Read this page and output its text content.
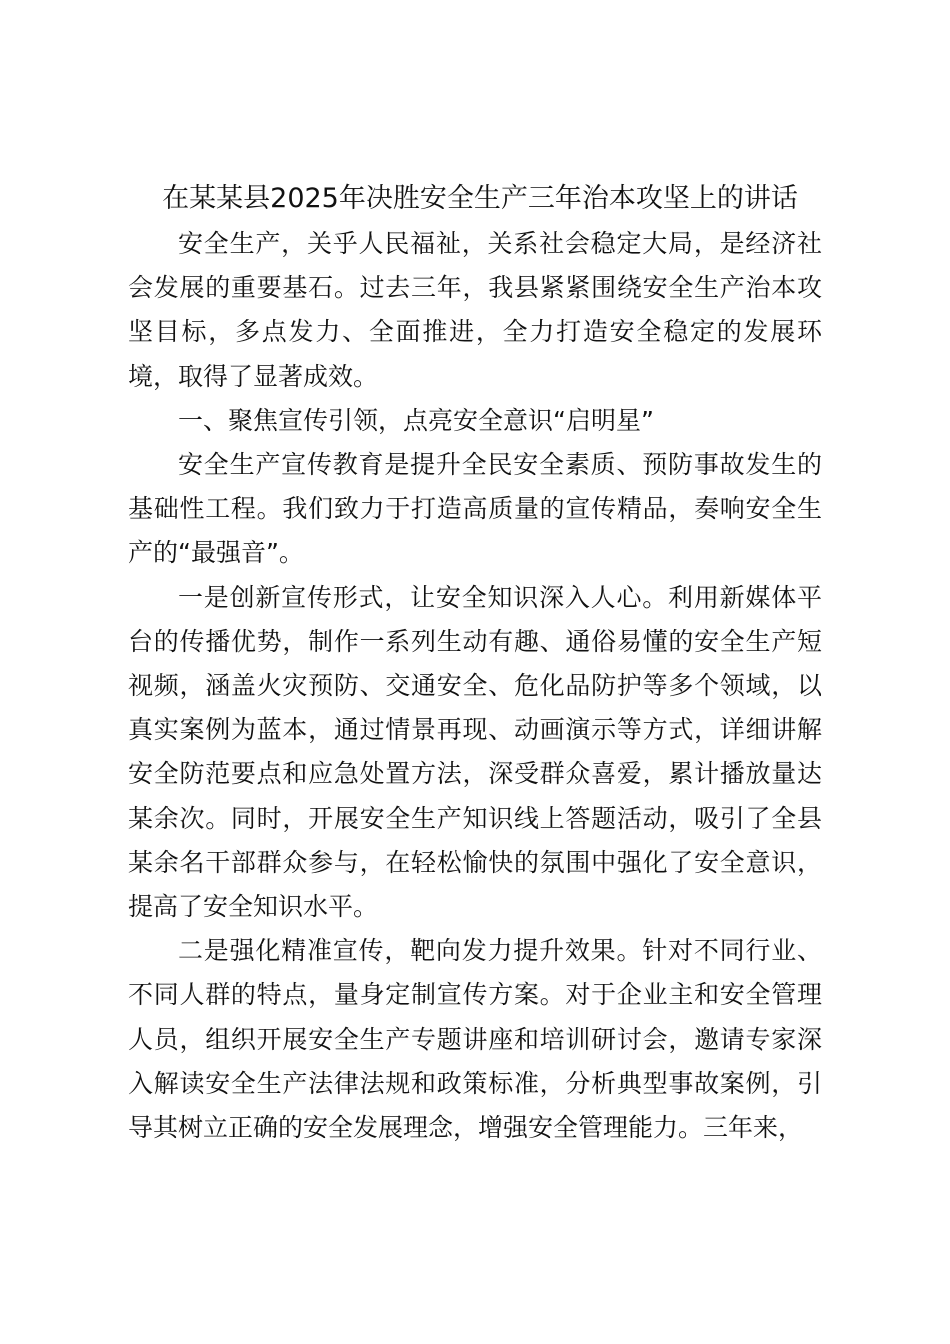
在某某县2025年决胜安全生产三年治本攻坚上的讲话

安全生产，关乎人民福祉，关系社会稳定大局，是经济社会发展的重要基石。过去三年，我县紧紧围绕安全生产治本攻坚目标，多点发力、全面推进，全力打造安全稳定的发展环境，取得了显著成效。

一、聚焦宣传引领，点亮安全意识“启明星”

安全生产宣传教育是提升全民安全素质、预防事故发生的基础性工程。我们致力于打造高质量的宣传精品，奏响安全生产的“最强音”。

一是创新宣传形式，让安全知识深入人心。利用新媒体平台的传播优势，制作一系列生动有趣、通俗易懂的安全生产短视频，涵盖火灾预防、交通安全、危化品防护等多个领域，以真实案例为蓝本，通过情景再现、动画演示等方式，详细讲解安全防范要点和应急处置方法，深受群众喜爱，累计播放量达某余次。同时，开展安全生产知识线上答题活动，吸引了全县某余名干部群众参与，在轻松愉快的氛围中强化了安全意识，提高了安全知识水平。

二是强化精准宣传，靶向发力提升效果。针对不同行业、不同人群的特点，量身定制宣传方案。对于企业主和安全管理人员，组织开展安全生产专题讲座和培训研讨会，邀请专家深入解读安全生产法律法规和政策标准，分析典型事故案例，引导其树立正确的安全发展理念，增强安全管理能力。三年来，
